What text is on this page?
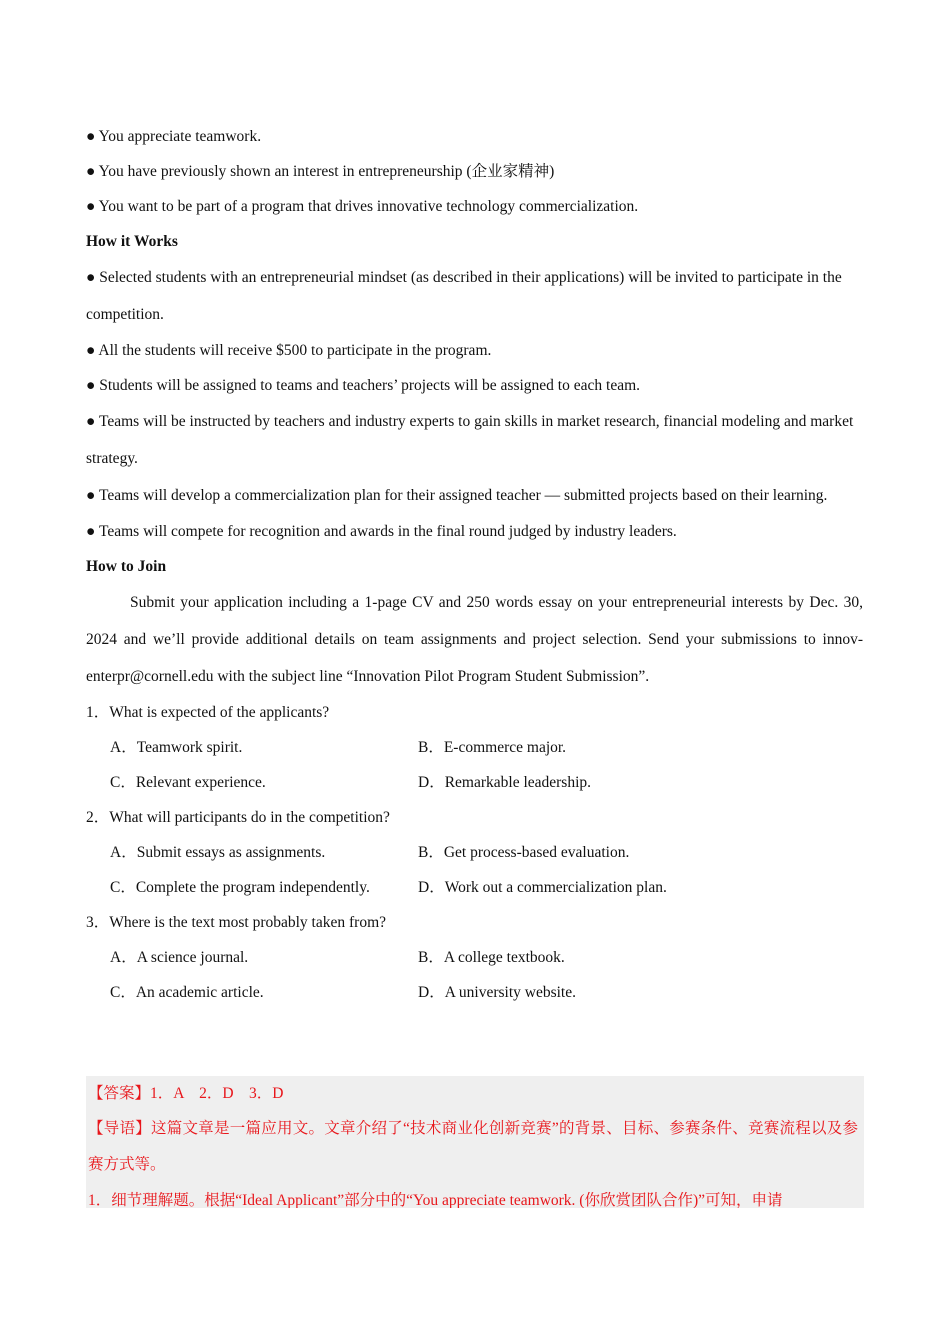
● You appreciate teamwork.
● You have previously shown an interest in entrepreneurship (企业家精神)
● You want to be part of a program that drives innovative technology commercialization.
How it Works
● Selected students with an entrepreneurial mindset (as described in their applications) will be invited to participate in the competition.
● All the students will receive $500 to participate in the program.
● Students will be assigned to teams and teachers’ projects will be assigned to each team.
● Teams will be instructed by teachers and industry experts to gain skills in market research, financial modeling and market strategy.
● Teams will develop a commercialization plan for their assigned teacher — submitted projects based on their learning.
● Teams will compete for recognition and awards in the final round judged by industry leaders.
How to Join
Submit your application including a 1-page CV and 250 words essay on your entrepreneurial interests by Dec. 30, 2024 and we’ll provide additional details on team assignments and project selection. Send your submissions to innov-enterpr@cornell.edu with the subject line “Innovation Pilot Program Student Submission”.
1．What is expected of the applicants?
A．Teamwork spirit.	B．E-commerce major.
C．Relevant experience.	D．Remarkable leadership.
2．What will participants do in the competition?
A．Submit essays as assignments.	B．Get process-based evaluation.
C．Complete the program independently.	D．Work out a commercialization plan.
3．Where is the text most probably taken from?
A．A science journal.	B．A college textbook.
C．An academic article.	D．A university website.
【答案】1．A　2．D　3．D
【导语】这篇文章是一篇应用文。文章介绍了“技术商业化创新竞赛”的背景、目标、参赛条件、竞赛流程以及参赛方式等。
1．细节理解题。根据“Ideal Applicant”部分中的“You appreciate teamwork. (你欣赏团队合作)”可知，申请
